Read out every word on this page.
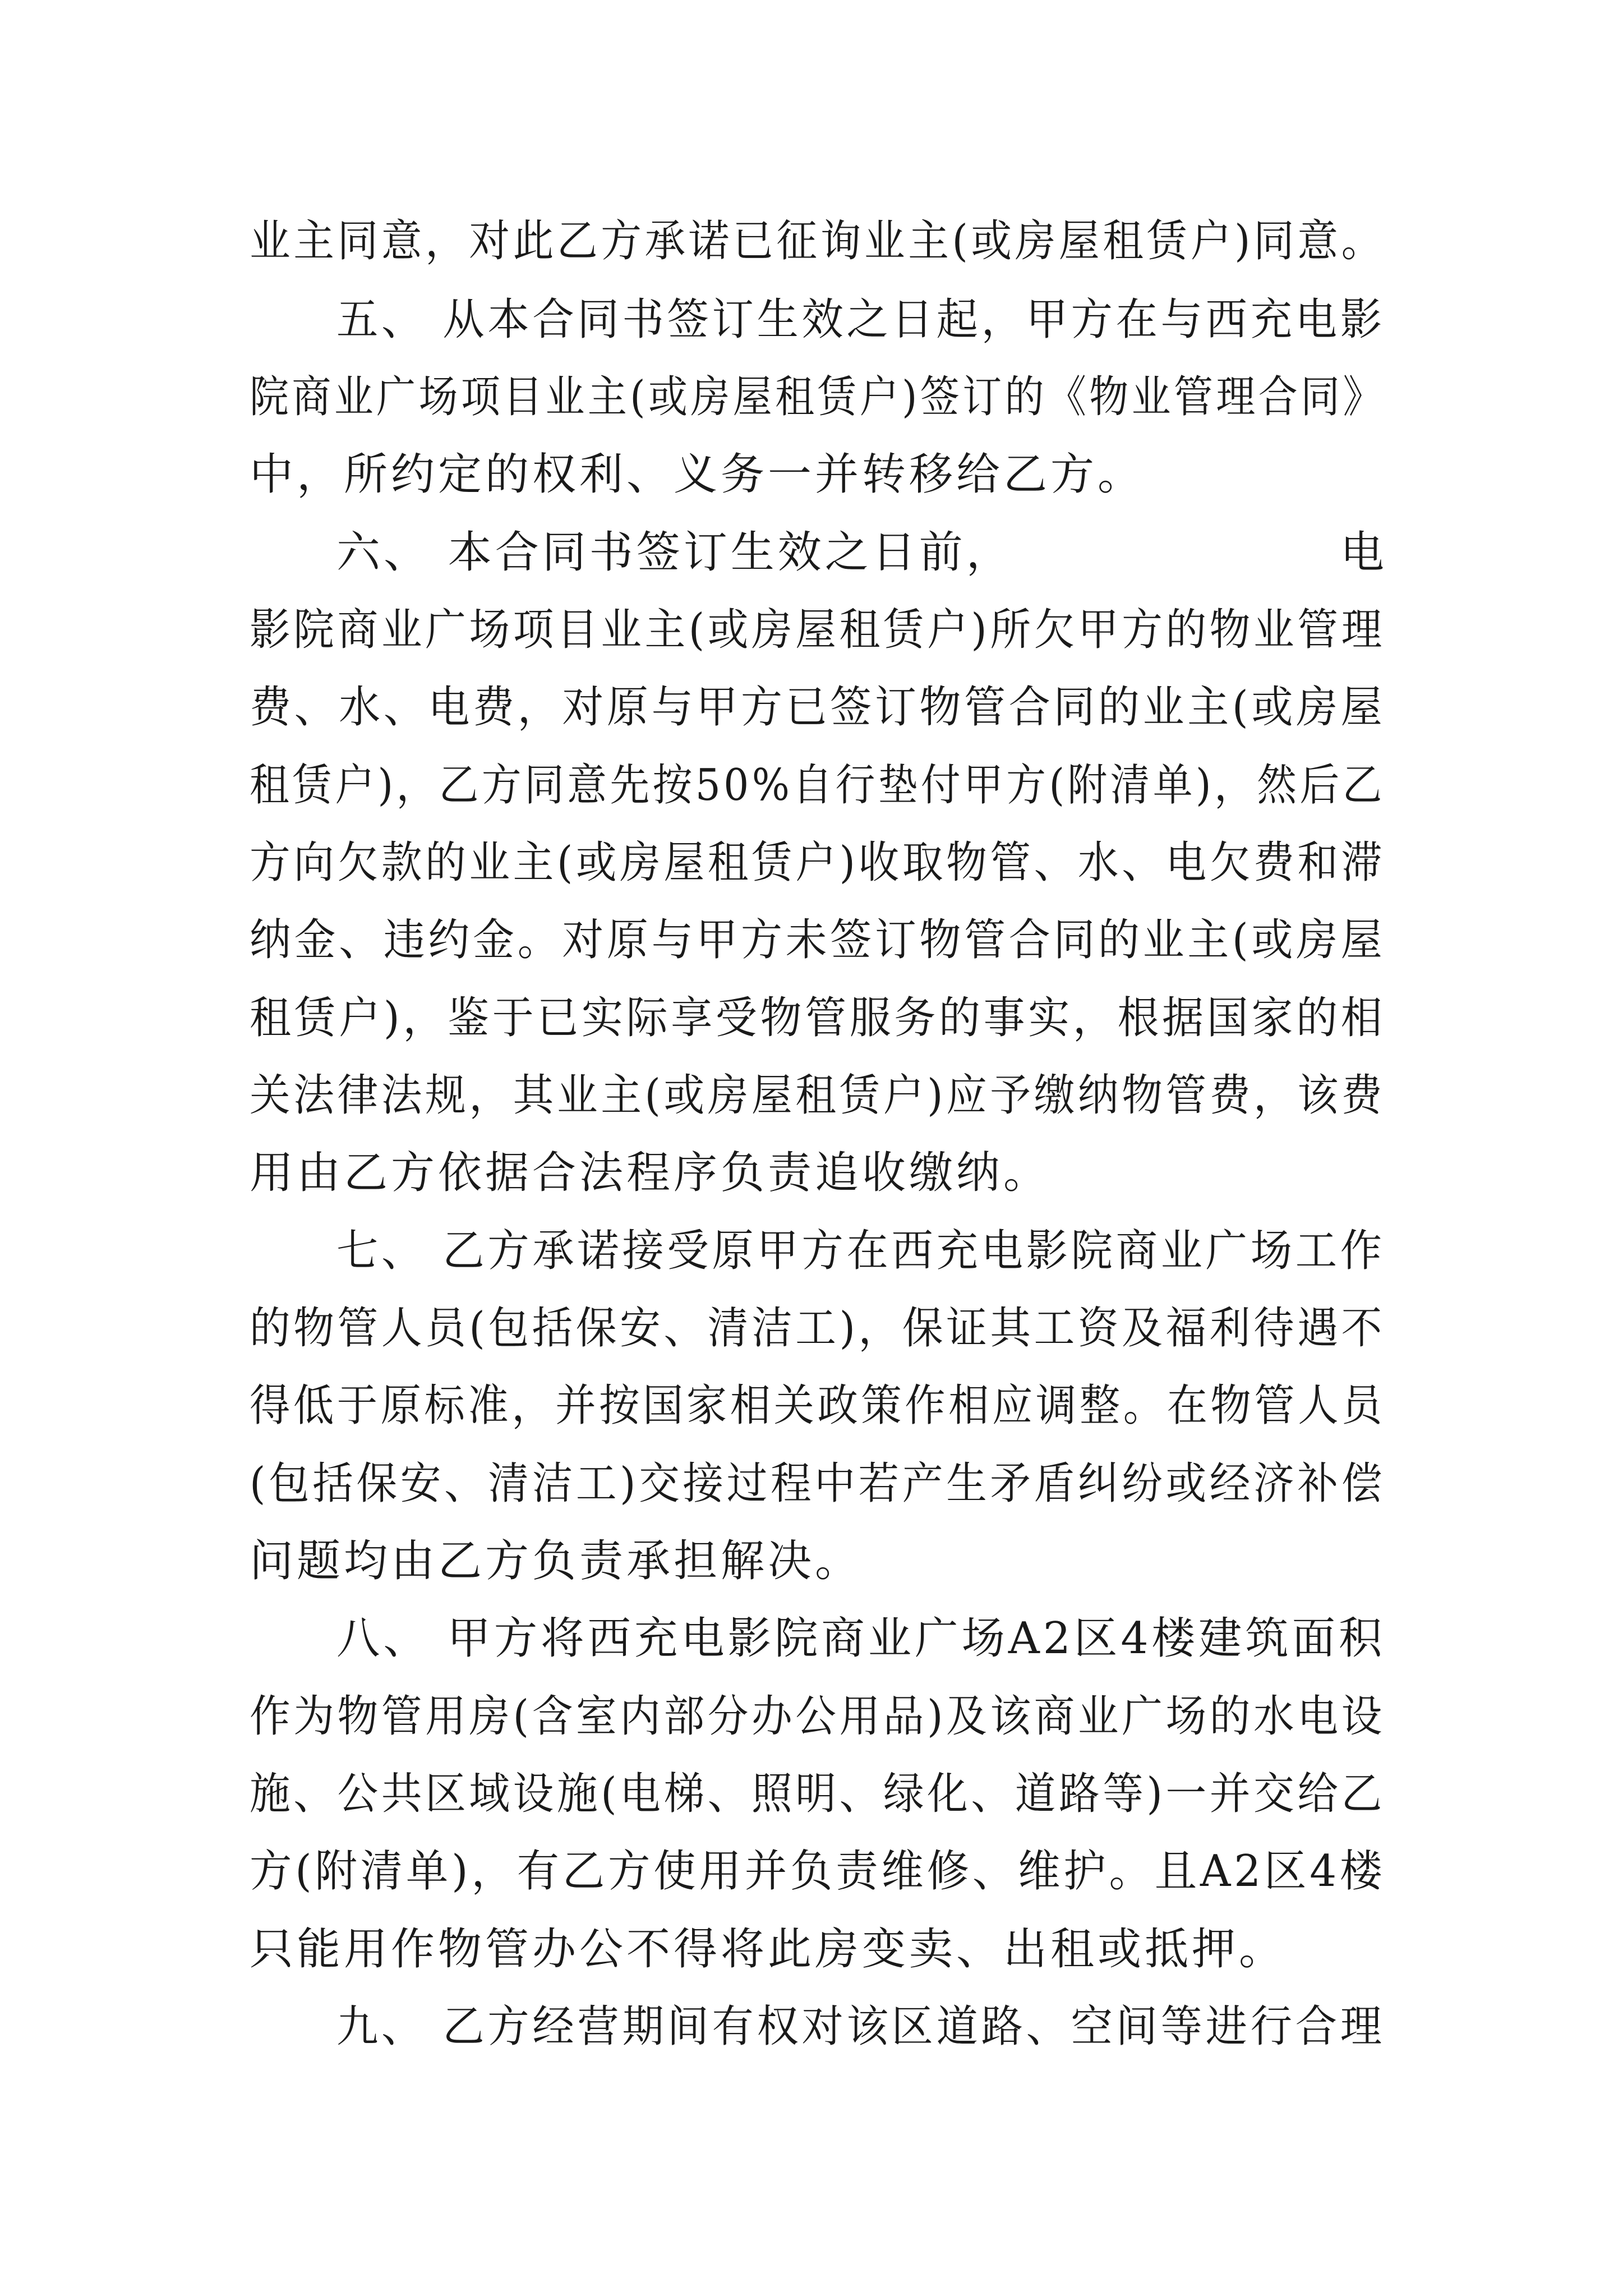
业主同意，对此乙方承诺已征询业主(或房屋租赁户)同意。
五、 从本合同书签订生效之日起，甲方在与西充电影
院商业广场项目业主(或房屋租赁户)签订的《物业管理合同》
中，所约定的权利、义务一并转移给乙方。
六、 本合同书签订生效之日前，	电
影院商业广场项目业主(或房屋租赁户)所欠甲方的物业管理
费、水、电费，对原与甲方已签订物管合同的业主(或房屋
租赁户)，乙方同意先按50%自行垫付甲方(附清单)，然后乙
方向欠款的业主(或房屋租赁户)收取物管、水、电欠费和滞
纳金、违约金。对原与甲方未签订物管合同的业主(或房屋
租赁户)，鉴于已实际享受物管服务的事实，根据国家的相
关法律法规，其业主(或房屋租赁户)应予缴纳物管费，该费
用由乙方依据合法程序负责追收缴纳。
七、 乙方承诺接受原甲方在西充电影院商业广场工作
的物管人员(包括保安、清洁工)，保证其工资及福利待遇不
得低于原标准，并按国家相关政策作相应调整。在物管人员
(包括保安、清洁工)交接过程中若产生矛盾纠纷或经济补偿
问题均由乙方负责承担解决。
八、 甲方将西充电影院商业广场A2区4楼建筑面积
作为物管用房(含室内部分办公用品)及该商业广场的水电设
施、公共区域设施(电梯、照明、绿化、道路等)一并交给乙
方(附清单)，有乙方使用并负责维修、维护。且A2区4楼
只能用作物管办公不得将此房变卖、出租或抵押。
九、 乙方经营期间有权对该区道路、空间等进行合理
